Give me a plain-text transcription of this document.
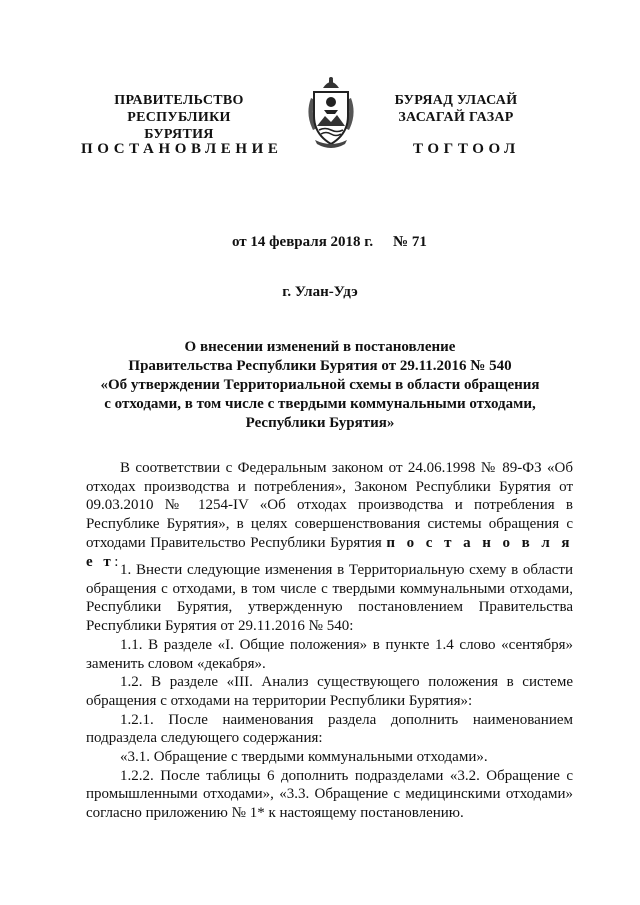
ПРАВИТЕЛЬСТВО
РЕСПУБЛИКИ БУРЯТИЯ
БУРЯАД УЛАСАЙ
ЗАСАГАЙ ГАЗАР
ПОСТАНОВЛЕНИЕ	ТОГТООЛ
от 14 февраля 2018 г. № 71
г. Улан-Удэ
О внесении изменений в постановление
Правительства Республики Бурятия от 29.11.2016 № 540
«Об утверждении Территориальной схемы в области обращения
с отходами, в том числе с твердыми коммунальными отходами,
Республики Бурятия»

В соответствии с Федеральным законом от 24.06.1998 № 89-ФЗ «Об отходах производства и потребления», Законом Республики Бурятия от 09.03.2010 № 1254-IV «Об отходах производства и потребления в Республике Бурятия», в целях совершенствования системы обращения с отходами Правительство Республики Бурятия п о с т а н о в л я е т:

1. Внести следующие изменения в Территориальную схему в области обращения с отходами, в том числе с твердыми коммунальными отходами, Республики Бурятия, утвержденную постановлением Правительства Республики Бурятия от 29.11.2016 № 540:

1.1. В разделе «I. Общие положения» в пункте 1.4 слово «сентября» заменить словом «декабря».

1.2. В разделе «III. Анализ существующего положения в системе обращения с отходами на территории Республики Бурятия»:

1.2.1. После наименования раздела дополнить наименованием подраздела следующего содержания:

«3.1. Обращение с твердыми коммунальными отходами».

1.2.2. После таблицы 6 дополнить подразделами «3.2. Обращение с промышленными отходами», «3.3. Обращение с медицинскими отходами» согласно приложению № 1* к настоящему постановлению.
